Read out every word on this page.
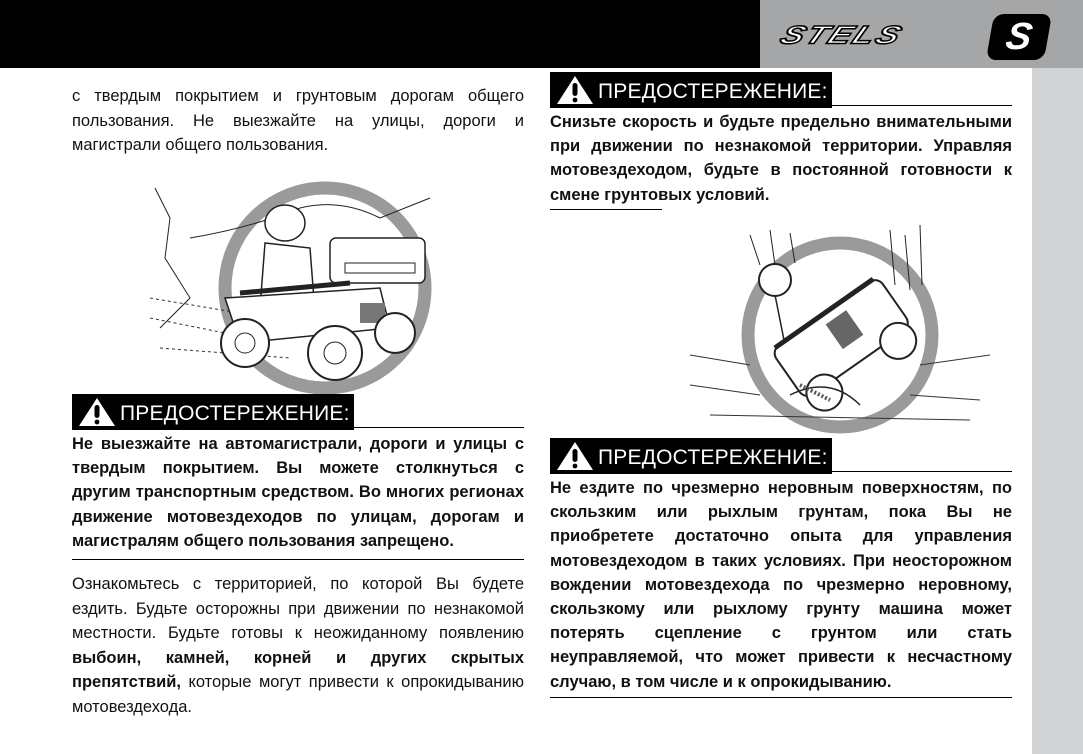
STELS	S

с твердым покрытием и грунтовым дорогам общего пользования. Не выезжайте на улицы, дороги и магистрали общего пользования.

ПРЕДОСТЕРЕЖЕНИЕ:

Не выезжайте на автомагистрали, дороги и улицы с твердым покрытием. Вы можете столкнуться с другим транспортным средством. Во многих регионах движение мотовездеходов по улицам, дорогам и магистралям общего пользования запрещено.

Ознакомьтесь с территорией, по которой Вы будете ездить. Будьте осторожны при движении по незнакомой местности. Будьте готовы к неожиданному появлению выбоин, камней, корней и других скрытых препятствий, которые могут привести к опрокидыванию мотовездехода.

ПРЕДОСТЕРЕЖЕНИЕ:

Снизьте скорость и будьте предельно внимательными при движении по незнакомой территории. Управляя мотовездеходом, будьте в постоянной готовности к смене грунтовых условий.

ПРЕДОСТЕРЕЖЕНИЕ:

Не ездите по чрезмерно неровным поверхностям, по скользким или рыхлым грунтам, пока Вы не приобретете достаточно опыта для управления мотовездеходом в таких условиях. При неосторожном вождении мотовездехода по чрезмерно неровному, скользкому или рыхлому грунту машина может потерять сцепление с грунтом или стать неуправляемой, что может привести к несчастному случаю, в том числе и к опрокидыванию.
